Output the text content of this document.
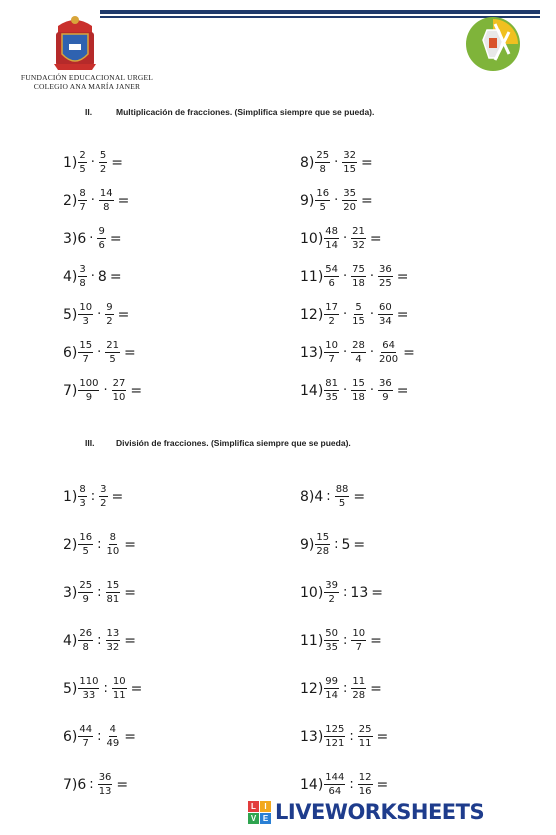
FUNDACIÓN EDUCACIONAL URGEL
COLEGIO ANA MARÍA JANER
II.	Multiplicación de fracciones. (Simplifica siempre que se pueda).
$1) \frac{2}{5} \cdot \frac{5}{2}$ =
$2) \frac{8}{7} \cdot \frac{14}{8}$ =
3) $6 \cdot \frac{9}{6}$ =
$4) \frac{3}{8} \cdot 8$ =
$5) \frac{10}{3} \cdot \frac{9}{2}$ =
$6) \frac{15}{7} \cdot \frac{21}{5}$ =
$7) \frac{100}{9} \cdot \frac{27}{10}$ =
$8) \frac{25}{8} \cdot \frac{32}{15}$ =
$9) \frac{16}{5} \cdot \frac{35}{20}$ =
$10) \frac{48}{14} \cdot \frac{21}{32}$ =
$11) \frac{54}{6} \cdot \frac{75}{18} \cdot \frac{36}{25}$ =
$12) \frac{17}{2} \cdot \frac{5}{15} \cdot \frac{60}{34}$ =
$13) \frac{10}{7} \cdot \frac{28}{4} \cdot \frac{64}{200}$ =
$14) \frac{81}{35} \cdot \frac{15}{18} \cdot \frac{36}{9}$ =
III.	División de fracciones. (Simplifica siempre que se pueda).
$1) \frac{8}{3}$ : $\frac{3}{2}$ =
$2) \frac{16}{5}$ : $\frac{8}{10}$ =
$3) \frac{25}{9}$ : $\frac{15}{81}$ =
$4) \frac{26}{8}$ : $\frac{13}{32}$ =
$5) \frac{110}{33}$ : $\frac{10}{11}$ =
$6) \frac{44}{7}$ : $\frac{4}{49}$ =
7) 6 : $\frac{36}{13}$ =
8) 4 : $\frac{88}{5}$ =
$9) \frac{15}{28}$ : 5 =
$10) \frac{39}{2}$ : 13 =
$11) \frac{50}{35}$ : $\frac{10}{7}$ =
$12) \frac{99}{14}$ : $\frac{11}{28}$ =
$13) \frac{125}{121}$ : $\frac{25}{11}$ =
$14) \frac{144}{64}$ : $\frac{12}{16}$ =
L	I
V E LIVEWORKSHEETS
